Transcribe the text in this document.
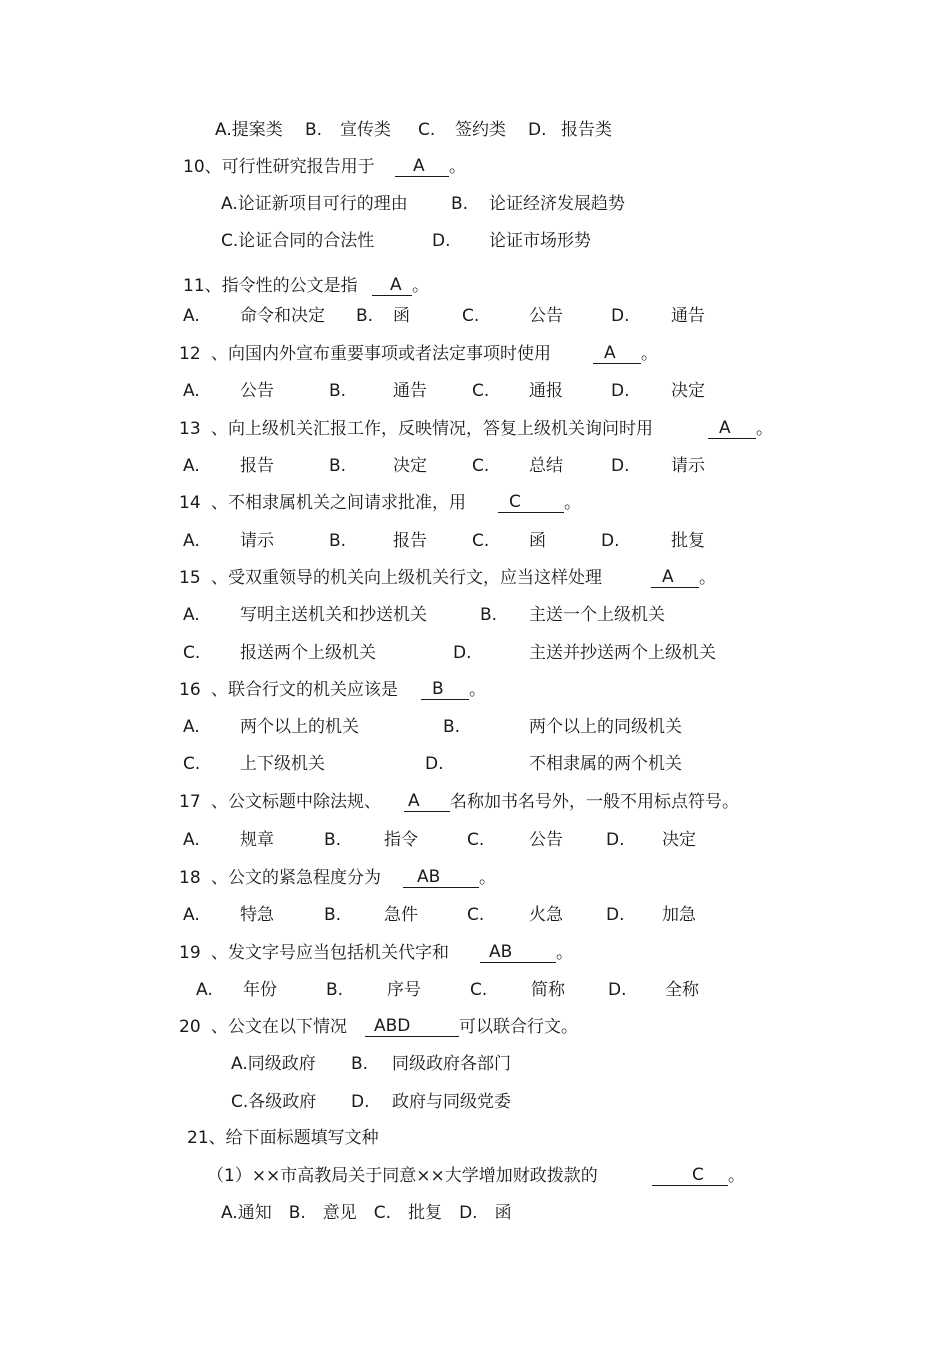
A.提案类 B. 宣传类 C. 签约类 D. 报告类
10、可行性研究报告用于	A	。
A.论证新项目可行的理由	B. 论证经济发展趋势
C.论证合同的合法性	D. 论证市场形势
11、指令性的公文是指	A 。
A. 命令和决定 B. 函	C.	公告	D. 通告
12 、向国内外宣布重要事项或者法定事项时使用	A	。
A. 公告	B.	通告	C. 通报	D. 决定
13 、向上级机关汇报工作，反映情况，答复上级机关询问时用	A	。
A. 报告	B.	决定	C. 总结	D. 请示
14 、不相隶属机关之间请求批准，用	C	。
A. 请示	B.	报告	C. 函	D.	批复
15 、受双重领导的机关向上级机关行文，应当这样处理	A	。
A. 写明主送机关和抄送机关	B. 主送一个上级机关
C. 报送两个上级机关	D.	主送并抄送两个上级机关
16 、联合行文的机关应该是	B	。
A. 两个以上的机关	B.	两个以上的同级机关
C. 上下级机关	D.	不相隶属的两个机关
17 、公文标题中除法规、 A	名称加书名号外，一般不用标点符号。
A. 规章	B.	指令	C.	公告	D. 决定
18 、公文的紧急程度分为	AB	。
A. 特急	B.	急件	C.	火急	D. 加急
19 、发文字号应当包括机关代字和	AB	。
A. 年份	B.	序号	C.	简称	D. 全称
20 、公文在以下情况	ABD	可以联合行文。
A.同级政府 B. 同级政府各部门
C.各级政府 D. 政府与同级党委
21、给下面标题填写文种
（1）××市高教局关于同意××大学增加财政拨款的	C	。
A.通知　B.　意见　C.　批复　D.　函
